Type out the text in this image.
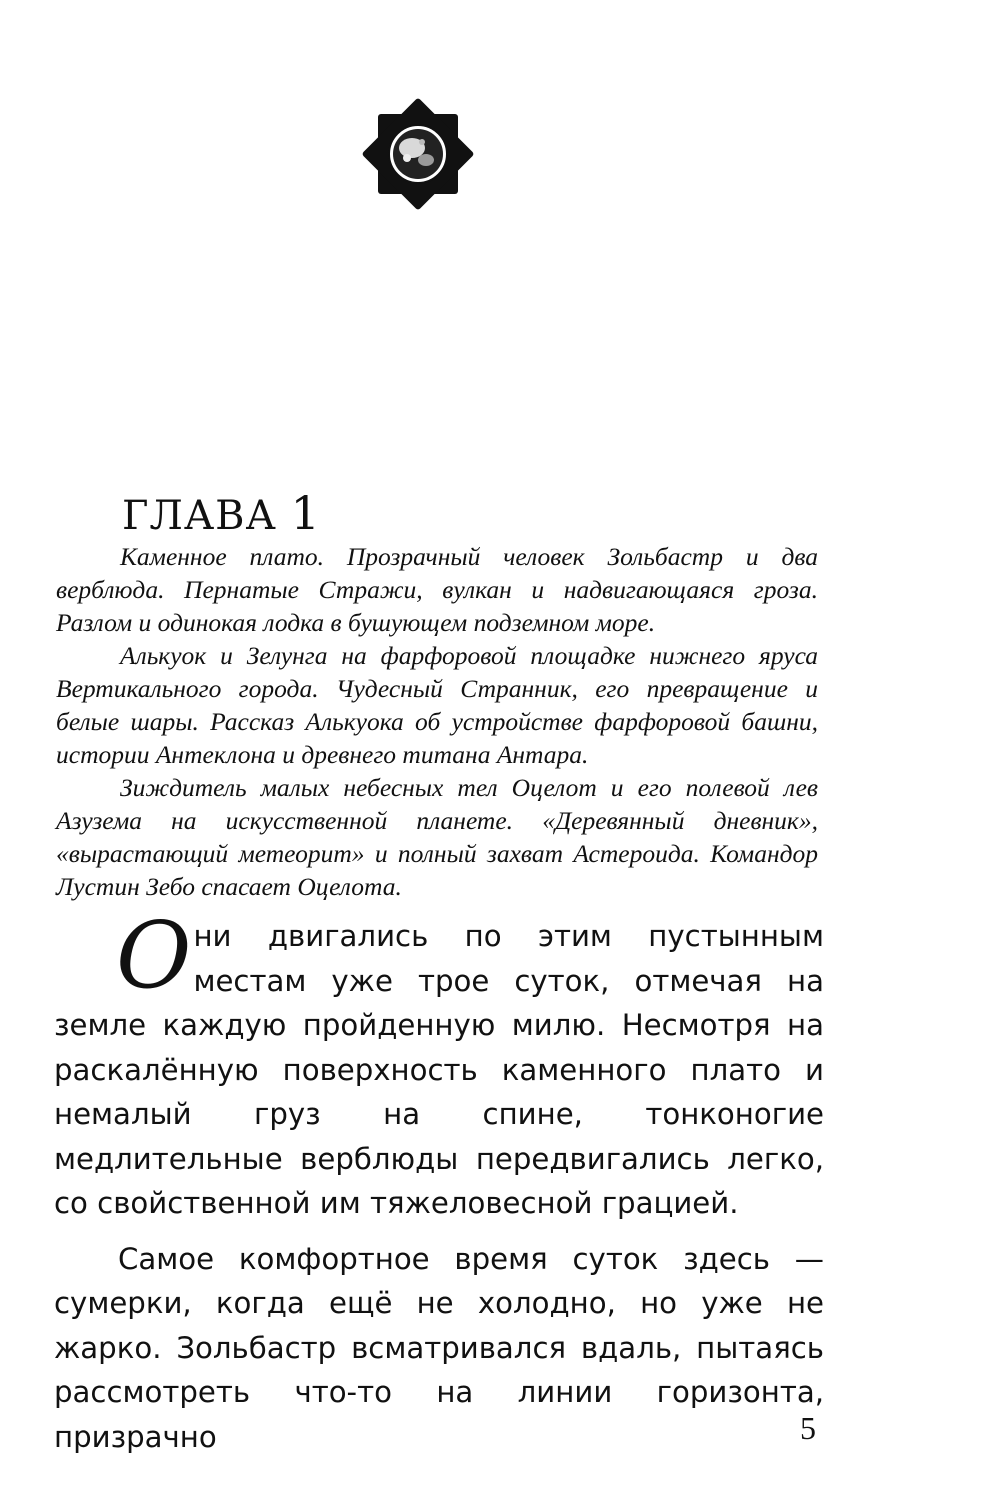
ГЛАВА 1

Каменное плато. Прозрачный человек Зольбастр и два верблюда. Пернатые Стражи, вулкан и надвигающаяся гроза. Разлом и одинокая лодка в бушующем подземном море.

Алькуок и Зелунга на фарфоровой площадке нижнего яруса Вертикального города. Чудесный Странник, его превращение и белые шары. Рассказ Алькуока об устройстве фарфоровой башни, истории Антеклона и древнего титана Антара.

Зиждитель малых небесных тел Оцелот и его полевой лев Азузема на искусственной планете. «Деревянный дневник», «вырастающий метеорит» и полный захват Астероида. Командор Лустин Зебо спасает Оцелота.

Они двигались по этим пустынным местам уже трое суток, отмечая на земле каждую пройденную милю. Несмотря на раскалённую поверхность каменного плато и немалый груз на спине, тонконогие медлительные верблюды передвигались легко, со свойственной им тяжеловесной грацией.

Самое комфортное время суток здесь — сумерки, когда ещё не холодно, но уже не жарко. Зольбастр всматривался вдаль, пытаясь рассмотреть что-то на линии горизонта, призрачно	5
